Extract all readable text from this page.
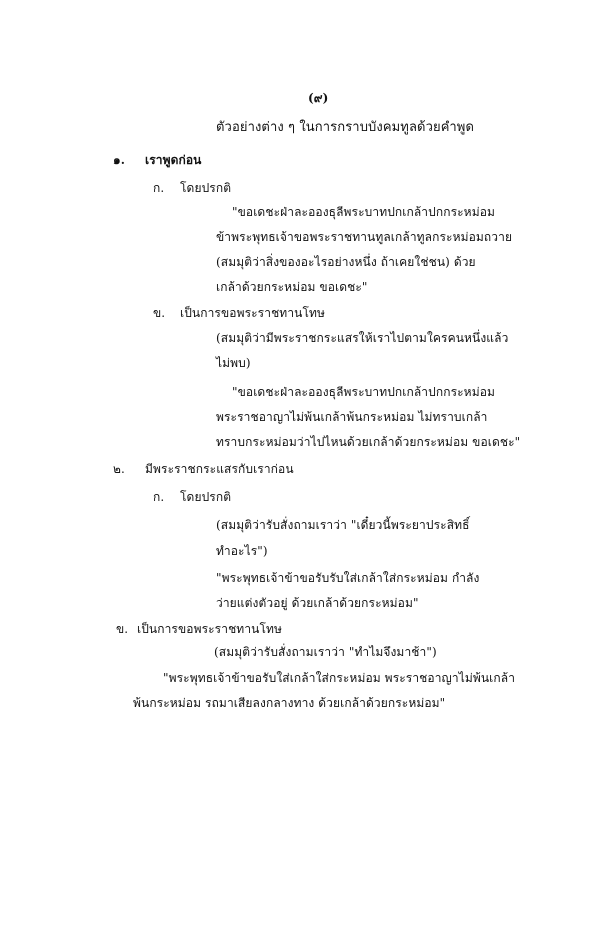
(๙)
ตัวอย่างต่าง ๆ ในการกราบบังคมทูลด้วยคำพูด
๑. เราพูดก่อน
ก. โดยปรกติ
"ขอเดชะฝ่าละอองธุลีพระบาทปกเกล้าปกกระหม่อม
ข้าพระพุทธเจ้าขอพระราชทานทูลเกล้าทูลกระหม่อมถวาย
(สมมุติว่าสิ่งของอะไรอย่างหนึ่ง ถ้าเคยใช่ชน) ด้วย
เกล้าด้วยกระหม่อม ขอเดชะ"
ข. เป็นการขอพระราชทานโทษ
(สมมุติว่ามีพระราชกระแสรให้เราไปตามใครคนหนึ่งแล้ว
ไม่พบ)
"ขอเดชะฝ่าละอองธุลีพระบาทปกเกล้าปกกระหม่อม
พระราชอาญาไม่พ้นเกล้าพ้นกระหม่อม ไม่ทราบเกล้า
ทราบกระหม่อมว่าไปไหนด้วยเกล้าด้วยกระหม่อม ขอเดชะ"
๒. มีพระราชกระแสรกับเราก่อน
ก. โดยปรกติ
(สมมุติว่ารับสั่งถามเราว่า "เดี๋ยวนี้พระยาประสิทธิ์
ทำอะไร")
"พระพุทธเจ้าข้าขอรับรับใส่เกล้าใส่กระหม่อม กำลัง
ว่ายแต่งตัวอยู่ ด้วยเกล้าด้วยกระหม่อม"
ข. เป็นการขอพระราชทานโทษ
(สมมุติว่ารับสั่งถามเราว่า "ทำไมจึงมาช้า")
"พระพุทธเจ้าข้าขอรับใส่เกล้าใส่กระหม่อม พระราชอาญาไม่พ้นเกล้า
พ้นกระหม่อม รถมาเสียลงกลางทาง ด้วยเกล้าด้วยกระหม่อม"
